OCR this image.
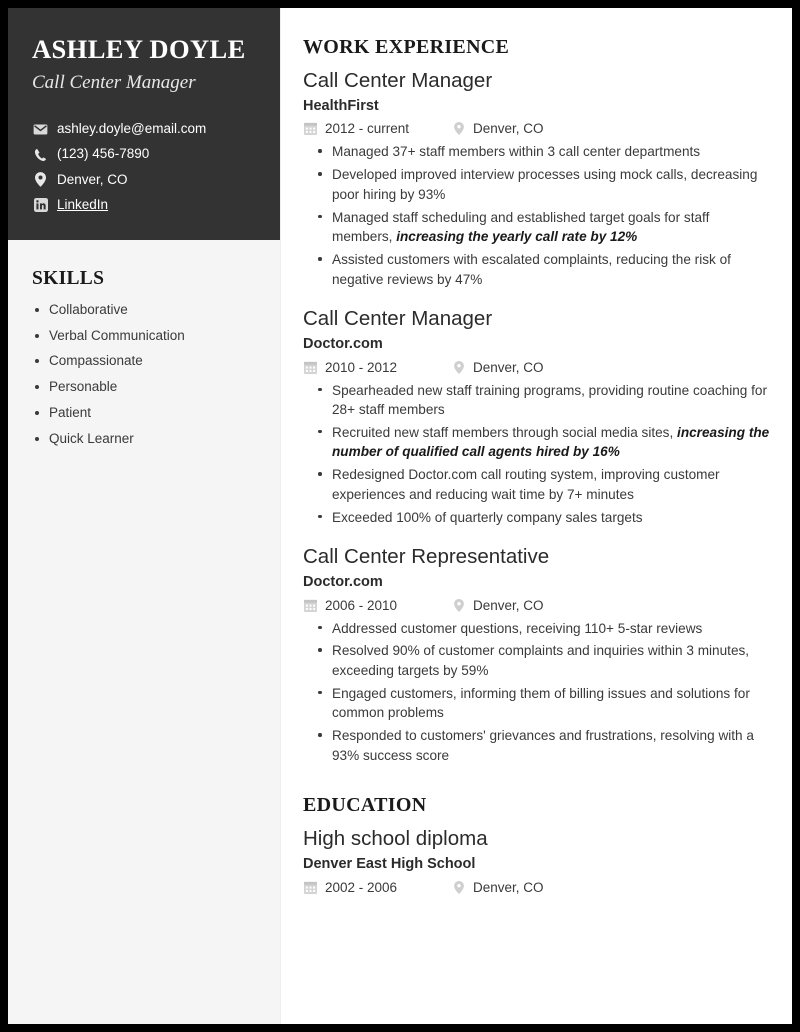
ASHLEY DOYLE
Call Center Manager
ashley.doyle@email.com
(123) 456-7890
Denver, CO
LinkedIn
SKILLS
Collaborative
Verbal Communication
Compassionate
Personable
Patient
Quick Learner
WORK EXPERIENCE
Call Center Manager
HealthFirst
2012 - current	Denver, CO
Managed 37+ staff members within 3 call center departments
Developed improved interview processes using mock calls, decreasing poor hiring by 93%
Managed staff scheduling and established target goals for staff members, increasing the yearly call rate by 12%
Assisted customers with escalated complaints, reducing the risk of negative reviews by 47%
Call Center Manager
Doctor.com
2010 - 2012	Denver, CO
Spearheaded new staff training programs, providing routine coaching for 28+ staff members
Recruited new staff members through social media sites, increasing the number of qualified call agents hired by 16%
Redesigned Doctor.com call routing system, improving customer experiences and reducing wait time by 7+ minutes
Exceeded 100% of quarterly company sales targets
Call Center Representative
Doctor.com
2006 - 2010	Denver, CO
Addressed customer questions, receiving 110+ 5-star reviews
Resolved 90% of customer complaints and inquiries within 3 minutes, exceeding targets by 59%
Engaged customers, informing them of billing issues and solutions for common problems
Responded to customers' grievances and frustrations, resolving with a 93% success score
EDUCATION
High school diploma
Denver East High School
2002 - 2006	Denver, CO
